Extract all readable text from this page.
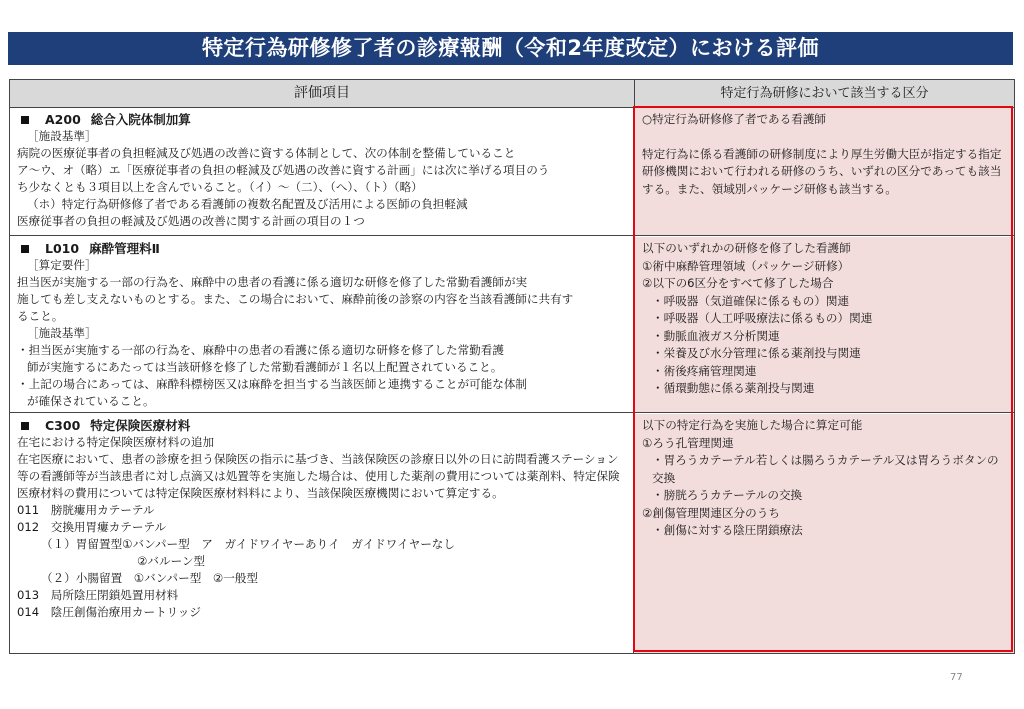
特定行為研修修了者の診療報酬（令和2年度改定）における評価
評価項目	特定行為研修において該当する区分
A200 総合入院体制加算
［施設基準］
病院の医療従事者の負担軽減及び処遇の改善に資する体制として、次の体制を整備していること
ア～ウ、オ（略）エ「医療従事者の負担の軽減及び処遇の改善に資する計画」には次に挙げる項目のう
ち少なくとも３項目以上を含んでいること。（イ）～（二）、（へ）、（ト）（略）
（ホ）特定行為研修修了者である看護師の複数名配置及び活用による医師の負担軽減
医療従事者の負担の軽減及び処遇の改善に関する計画の項目の１つ
○特定行為研修修了者である看護師
特定行為に係る看護師の研修制度により厚生労働大臣が指定する指定研修機関において行われる研修のうち、いずれの区分であっても該当する。また、領域別パッケージ研修も該当する。
L010 麻酔管理料Ⅱ
［算定要件］
担当医が実施する一部の行為を、麻酔中の患者の看護に係る適切な研修を修了した常勤看護師が実
施しても差し支えないものとする。また、この場合において、麻酔前後の診察の内容を当該看護師に共有す
ること。
［施設基準］
・担当医が実施する一部の行為を、麻酔中の患者の看護に係る適切な研修を修了した常勤看護
師が実施するにあたっては当該研修を修了した常勤看護師が１名以上配置されていること。
・上記の場合にあっては、麻酔科標榜医又は麻酔を担当する当該医師と連携することが可能な体制
が確保されていること。
以下のいずれかの研修を修了した看護師
①術中麻酔管理領域（パッケージ研修）
②以下の6区分をすべて修了した場合
・呼吸器（気道確保に係るもの）関連
・呼吸器（人工呼吸療法に係るもの）関連
・動脈血液ガス分析関連
・栄養及び水分管理に係る薬剤投与関連
・術後疼痛管理関連
・循環動態に係る薬剤投与関連
C300 特定保険医療材料
在宅における特定保険医療材料の追加
在宅医療において、患者の診療を担う保険医の指示に基づき、当該保険医の診療日以外の日に訪問看護ステーション等の看護師等が当該患者に対し点滴又は処置等を実施した場合は、使用した薬剤の費用については薬剤料、特定保険医療材料の費用については特定保険医療材料料により、当該保険医療機関において算定する。
011　膀胱瘻用カテーテル
012　交換用胃瘻カテーテル
（１）胃留置型①バンパー型　ア　ガイドワイヤーありイ　ガイドワイヤーなし
②バルーン型
（２）小腸留置　①バンパー型　②一般型
013　局所陰圧閉鎖処置用材料
014　陰圧創傷治療用カートリッジ
以下の特定行為を実施した場合に算定可能
①ろう孔管理関連
・胃ろうカテーテル若しくは腸ろうカテーテル又は胃ろうボタンの交換
・膀胱ろうカテーテルの交換
②創傷管理関連区分のうち
・創傷に対する陰圧閉鎖療法
77
